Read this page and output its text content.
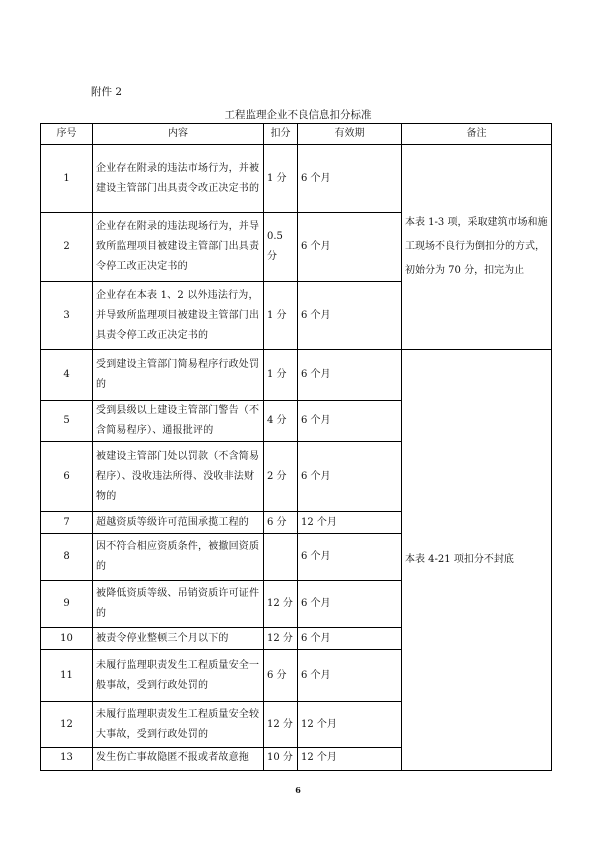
附件 2
工程监理企业不良信息扣分标准
序号	内容	扣分	有效期	备注
1	企业存在附录的违法市场行为，并被建设主管部门出具责令改正决定书的	1 分	6 个月	本表 1-3 项，采取建筑市场和施工现场不良行为倒扣分的方式，初始分为 70 分，扣完为止

2	企业存在附录的违法现场行为，并导致所监理项目被建设主管部门出具责令停工改正决定书的	0.5 分	6 个月	
3	企业存在本表 1、2 以外违法行为，并导致所监理项目被建设主管部门出具责令停工改正决定书的	1 分	6 个月	
4	受到建设主管部门简易程序行政处罚的	1 分	6 个月	本表 4-21 项扣分不封底
5	受到县级以上建设主管部门警告（不含简易程序）、通报批评的	4 分	6 个月	
6	被建设主管部门处以罚款（不含简易程序）、没收违法所得、没收非法财物的	2 分	6 个月	
7	超越资质等级许可范围承揽工程的	6 分	12 个月	
8	因不符合相应资质条件，被撤回资质的		6 个月	
9	被降低资质等级、吊销资质许可证件的	12 分	6 个月	
10	被责令停业整顿三个月以下的	12 分	6 个月	
11	未履行监理职责发生工程质量安全一般事故，受到行政处罚的	6 分	6 个月	
12	未履行监理职责发生工程质量安全较大事故，受到行政处罚的	12 分	12 个月	
13	发生伤亡事故隐匿不报或者故意拖	10 分	12 个月	
6
